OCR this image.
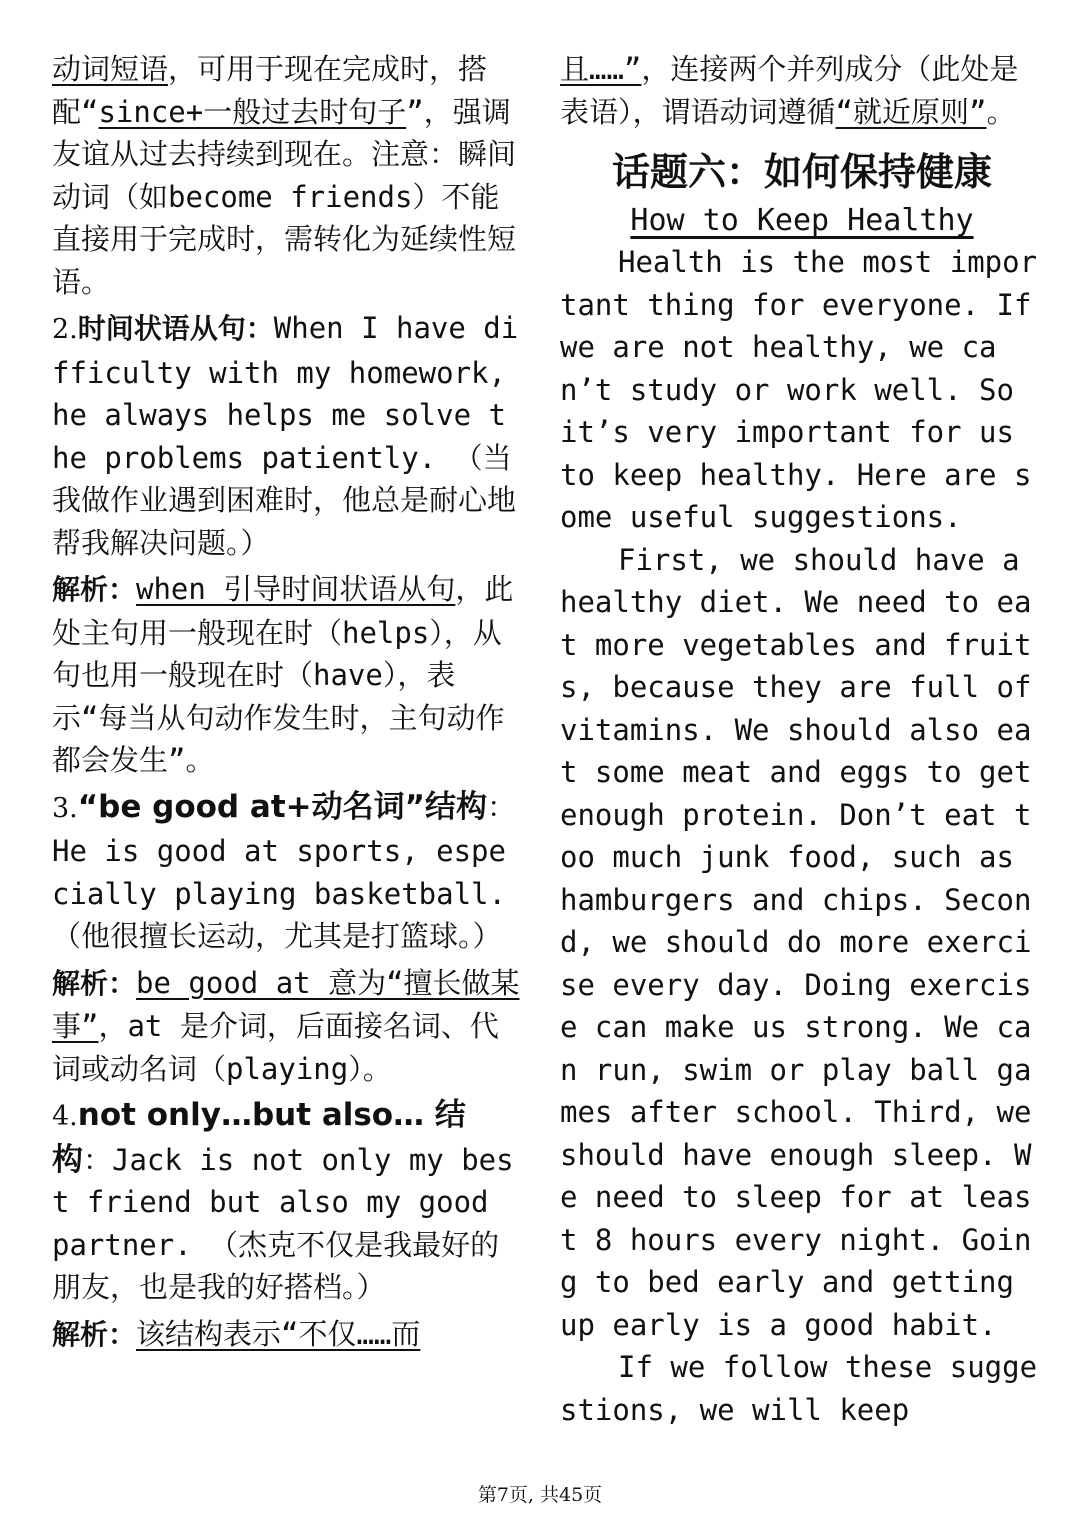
动词短语，可用于现在完成时，搭配“since+一般过去时句子”，强调友谊从过去持续到现在。注意：瞬间动词（如become friends）不能直接用于完成时，需转化为延续性短语。

2.时间状语从句：When I have difficulty with my homework, he always helps me solve the problems patiently. （当我做作业遇到困难时，他总是耐心地帮我解决问题。）

解析：when 引导时间状语从句，此处主句用一般现在时（helps），从句也用一般现在时（have），表示“每当从句动作发生时，主句动作都会发生”。

3.“be good at+动名词”结构：He is good at sports, especially playing basketball. （他很擅长运动，尤其是打篮球。）

解析：be good at 意为“擅长做某事”，at 是介词，后面接名词、代词或动名词（playing）。

4.not only…but also… 结构：Jack is not only my best friend but also my good partner. （杰克不仅是我最好的朋友，也是我的好搭档。）

解析：该结构表示“不仅……而

且……”，连接两个并列成分（此处是表语），谓语动词遵循“就近原则”。

话题六：如何保持健康
How to Keep Healthy

Health is the most important thing for everyone. If we are not healthy, we can’t study or work well. So it’s very important for us to keep healthy. Here are some useful suggestions.

First, we should have a healthy diet. We need to eat more vegetables and fruits, because they are full of vitamins. We should also eat some meat and eggs to get enough protein. Don’t eat too much junk food, such as hamburgers and chips. Second, we should do more exercise every day. Doing exercise can make us strong. We can run, swim or play ball games after school. Third, we should have enough sleep. We need to sleep for at least 8 hours every night. Going to bed early and getting up early is a good habit.

If we follow these suggestions, we will keep

第7页, 共45页
